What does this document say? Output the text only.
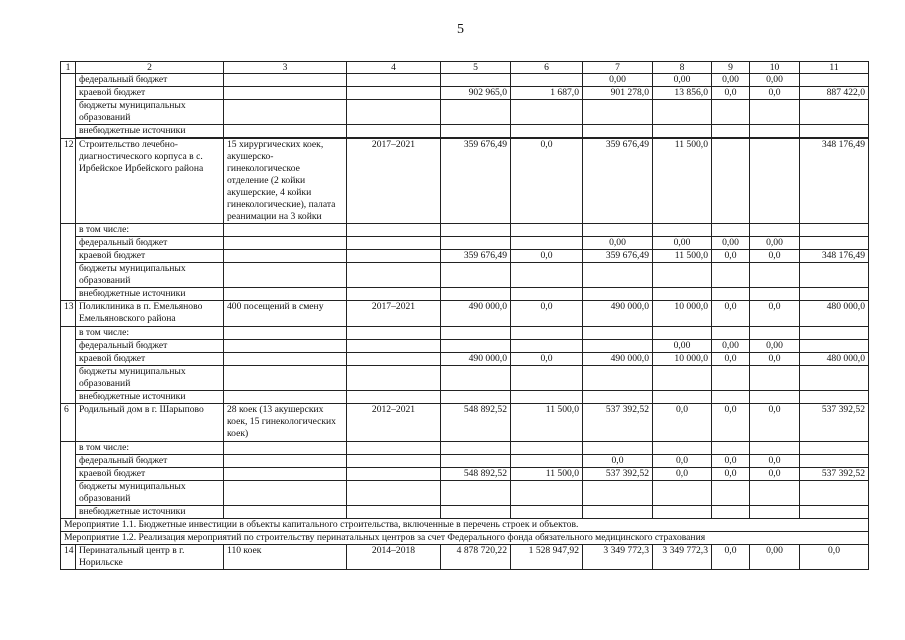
5
1	2	3	4	5	6	7	8	9	10	11
	федеральный бюджет					0,00	0,00	0,00	0,00	
	краевой бюджет			902 965,0	1 687,0	901 278,0	13 856,0	0,0	0,0	887 422,0
	бюджеты муниципальных образований									
	внебюджетные источники									

12	Строительство лечебно-диагностического корпуса в с. Ирбейское Ирбейского района	15 хирургических коек, акушерско-гинекологическое отделение (2 койки акушерские, 4 койки гинекологические), палата реанимации на 3 койки	2017–2021	359 676,49	0,0	359 676,49	11 500,0			348 176,49
	в том числе:									
	федеральный бюджет					0,00	0,00	0,00	0,00	
	краевой бюджет			359 676,49	0,0	359 676,49	11 500,0	0,0	0,0	348 176,49
	бюджеты муниципальных образований									
	внебюджетные источники									
13	Поликлиника в п. Емельяново Емельяновского района	400 посещений в смену	2017–2021	490 000,0	0,0	490 000,0	10 000,0	0,0	0,0	480 000,0
	в том числе:									
	федеральный бюджет						0,00	0,00	0,00	
	краевой бюджет			490 000,0	0,0	490 000,0	10 000,0	0,0	0,0	480 000,0
	бюджеты муниципальных образований									
	внебюджетные источники									
6	Родильный дом в г. Шарыпово	28 коек (13 акушерских коек, 15 гинекологических коек)	2012–2021	548 892,52	11 500,0	537 392,52	0,0	0,0	0,0	537 392,52
	в том числе:									
	федеральный бюджет					0,0	0,0	0,0	0,0	
	краевой бюджет			548 892,52	11 500,0	537 392,52	0,0	0,0	0,0	537 392,52
	бюджеты муниципальных образований									
	внебюджетные источники									
Мероприятие 1.1. Бюджетные инвестиции в объекты капитального строительства, включенные в перечень строек и объектов.										
Мероприятие 1.2. Реализация мероприятий по строительству перинатальных центров за счет Федерального фонда обязательного медицинского страхования										
14	Перинатальный центр в г. Норильске	110 коек	2014–2018	4 878 720,22	1 528 947,92	3 349 772,3	3 349 772,3	0,0	0,00	0,0
